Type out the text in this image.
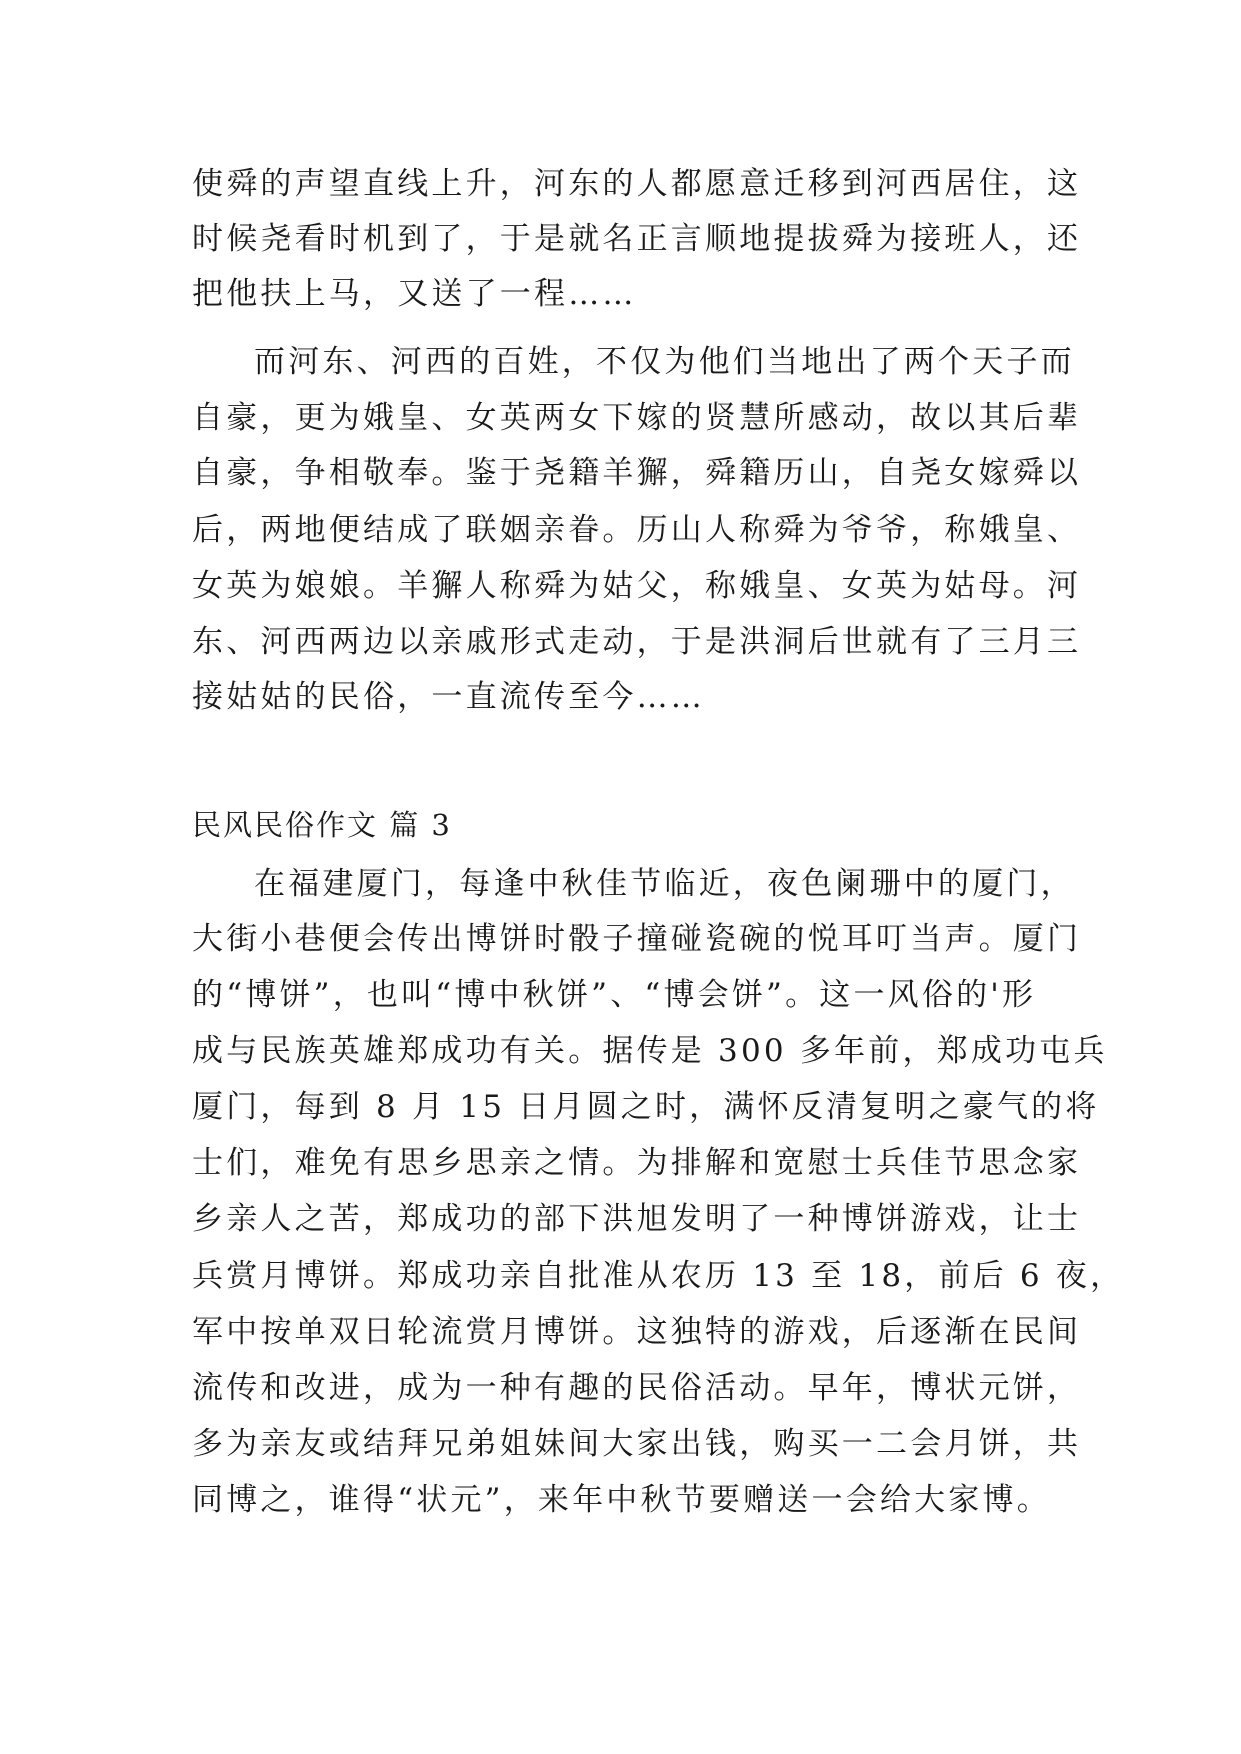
使舜的声望直线上升，河东的人都愿意迁移到河西居住，这
时候尧看时机到了，于是就名正言顺地提拔舜为接班人，还
把他扶上马，又送了一程……
而河东、河西的百姓，不仅为他们当地出了两个天子而
自豪，更为娥皇、女英两女下嫁的贤慧所感动，故以其后辈
自豪，争相敬奉。鉴于尧籍羊獬，舜籍历山，自尧女嫁舜以
后，两地便结成了联姻亲眷。历山人称舜为爷爷，称娥皇、
女英为娘娘。羊獬人称舜为姑父，称娥皇、女英为姑母。河
东、河西两边以亲戚形式走动，于是洪洞后世就有了三月三
接姑姑的民俗，一直流传至今……
民风民俗作文 篇 3
在福建厦门，每逢中秋佳节临近，夜色阑珊中的厦门，
大街小巷便会传出博饼时骰子撞碰瓷碗的悦耳叮当声。厦门
的“博饼”，也叫“博中秋饼”、“博会饼”。这一风俗的'形
成与民族英雄郑成功有关。据传是 300 多年前，郑成功屯兵
厦门，每到 8 月 15 日月圆之时，满怀反清复明之豪气的将
士们，难免有思乡思亲之情。为排解和宽慰士兵佳节思念家
乡亲人之苦，郑成功的部下洪旭发明了一种博饼游戏，让士
兵赏月博饼。郑成功亲自批准从农历 13 至 18，前后 6 夜，
军中按单双日轮流赏月博饼。这独特的游戏，后逐渐在民间
流传和改进，成为一种有趣的民俗活动。早年，博状元饼，
多为亲友或结拜兄弟姐妹间大家出钱，购买一二会月饼，共
同博之，谁得“状元”，来年中秋节要赠送一会给大家博。
